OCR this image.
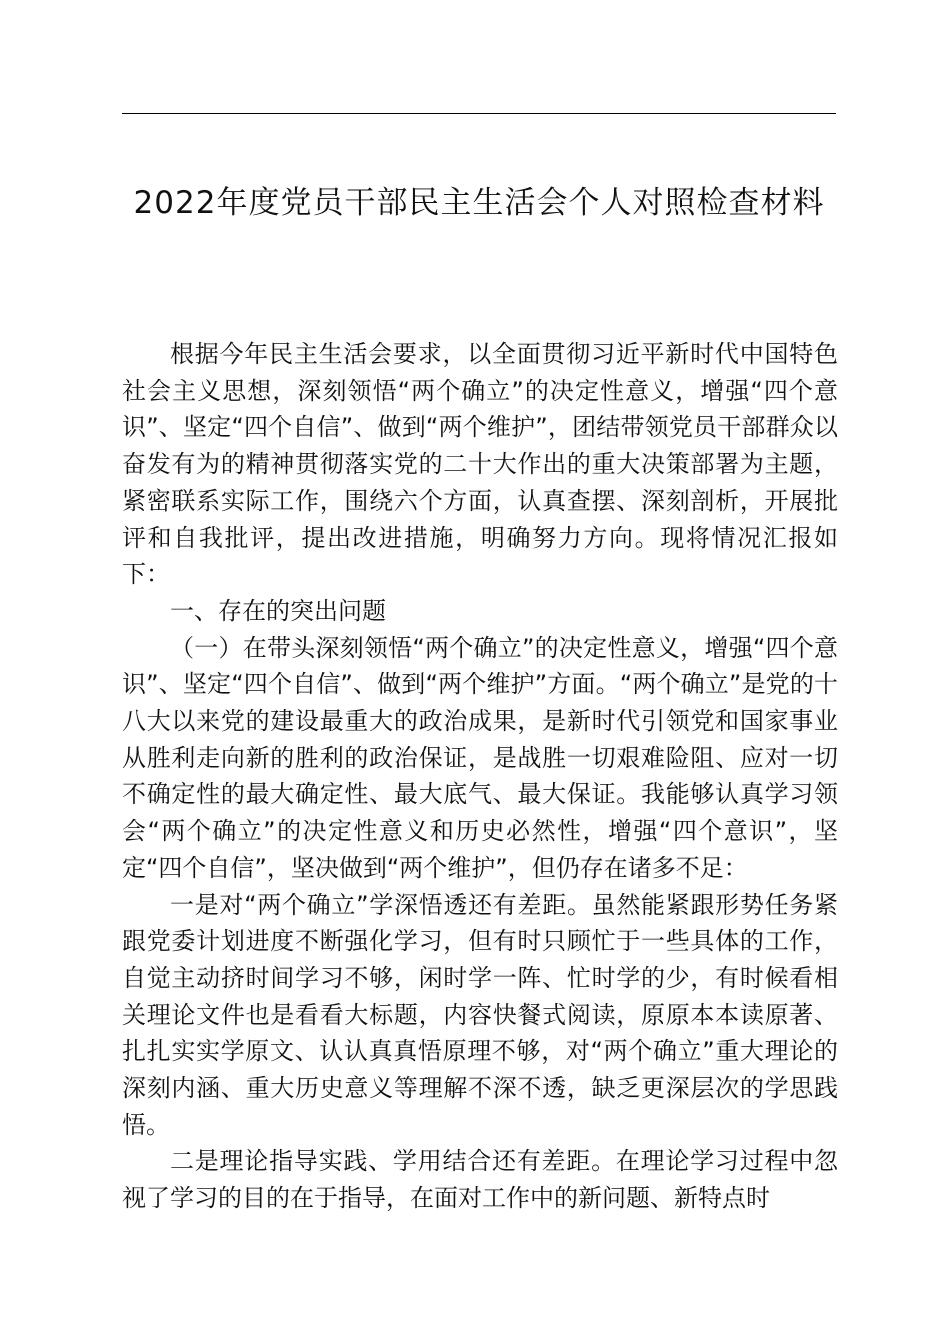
2022年度党员干部民主生活会个人对照检查材料

根据今年民主生活会要求，以全面贯彻习近平新时代中国特色社会主义思想，深刻领悟“两个确立”的决定性意义，增强“四个意识”、坚定“四个自信”、做到“两个维护”，团结带领党员干部群众以奋发有为的精神贯彻落实党的二十大作出的重大决策部署为主题，紧密联系实际工作，围绕六个方面，认真查摆、深刻剖析，开展批评和自我批评，提出改进措施，明确努力方向。现将情况汇报如下：

一、存在的突出问题

（一）在带头深刻领悟“两个确立”的决定性意义，增强“四个意识”、坚定“四个自信”、做到“两个维护”方面。“两个确立”是党的十八大以来党的建设最重大的政治成果，是新时代引领党和国家事业从胜利走向新的胜利的政治保证，是战胜一切艰难险阻、应对一切不确定性的最大确定性、最大底气、最大保证。我能够认真学习领会“两个确立”的决定性意义和历史必然性，增强“四个意识”，坚定“四个自信”，坚决做到“两个维护”，但仍存在诸多不足：

一是对“两个确立”学深悟透还有差距。虽然能紧跟形势任务紧跟党委计划进度不断强化学习，但有时只顾忙于一些具体的工作，自觉主动挤时间学习不够，闲时学一阵、忙时学的少，有时候看相关理论文件也是看看大标题，内容快餐式阅读，原原本本读原著、扎扎实实学原文、认认真真悟原理不够，对“两个确立”重大理论的深刻内涵、重大历史意义等理解不深不透，缺乏更深层次的学思践悟。

二是理论指导实践、学用结合还有差距。在理论学习过程中忽视了学习的目的在于指导，在面对工作中的新问题、新特点时
